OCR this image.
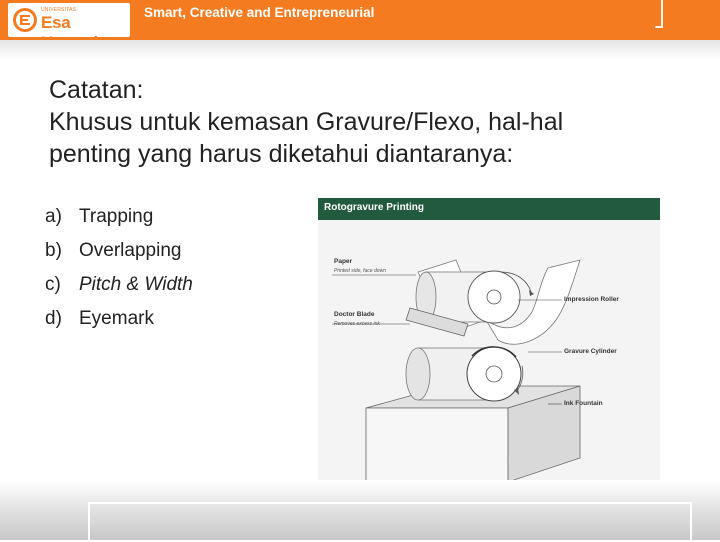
UNIVERSITAS
Esa
Smart, Creative and Entrepreneurial
Catatan:
Khusus untuk kemasan Gravure/Flexo, hal-hal
penting yang harus diketahui diantaranya:
a) Trapping
b) Overlapping
c) Pitch & Width
d) Eyemark
Rotogravure Printing
Paper
Printed side, face down
Doctor Blade
Removes excess ink
Impression Roller
Gravure Cylinder
Ink Fountain
